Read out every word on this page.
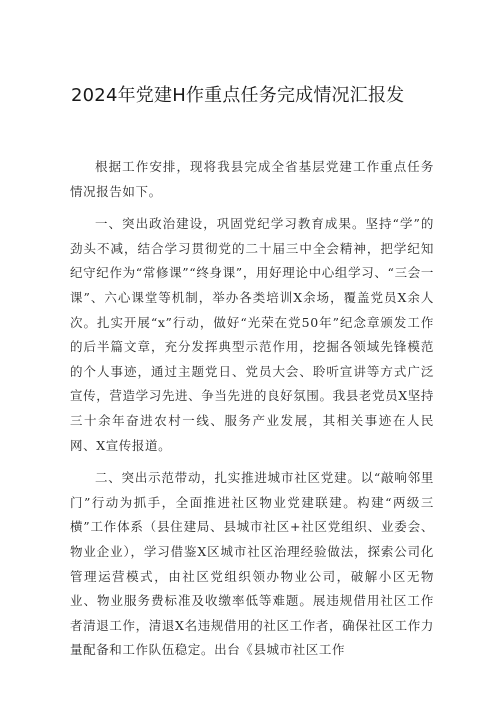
2024年党建H作重点任务完成情况汇报发

根据工作安排，现将我县完成全省基层党建工作重点任务情况报告如下。

一、突出政治建设，巩固党纪学习教育成果。坚持“学”的劲头不减，结合学习贯彻党的二十届三中全会精神，把学纪知纪守纪作为“常修课”“终身课”，用好理论中心组学习、“三会一课”、六心课堂等机制，举办各类培训X余场，覆盖党员X余人次。扎实开展“x”行动，做好“光荣在党50年”纪念章颁发工作的后半篇文章，充分发挥典型示范作用，挖掘各领域先锋模范的个人事迹，通过主题党日、党员大会、聆听宣讲等方式广泛宣传，营造学习先进、争当先进的良好氛围。我县老党员X坚持三十余年奋进农村一线、服务产业发展，其相关事迹在人民网、X宣传报道。

二、突出示范带动，扎实推进城市社区党建。以“敲响邻里门”行动为抓手，全面推进社区物业党建联建。构建“两级三横”工作体系（县住建局、县城市社区+社区党组织、业委会、物业企业），学习借鉴X区城市社区治理经验做法，探索公司化管理运营模式，由社区党组织领办物业公司，破解小区无物业、物业服务费标准及收缴率低等难题。展违规借用社区工作者清退工作，清退X名违规借用的社区工作者，确保社区工作力量配备和工作队伍稳定。出台《县城市社区工作
